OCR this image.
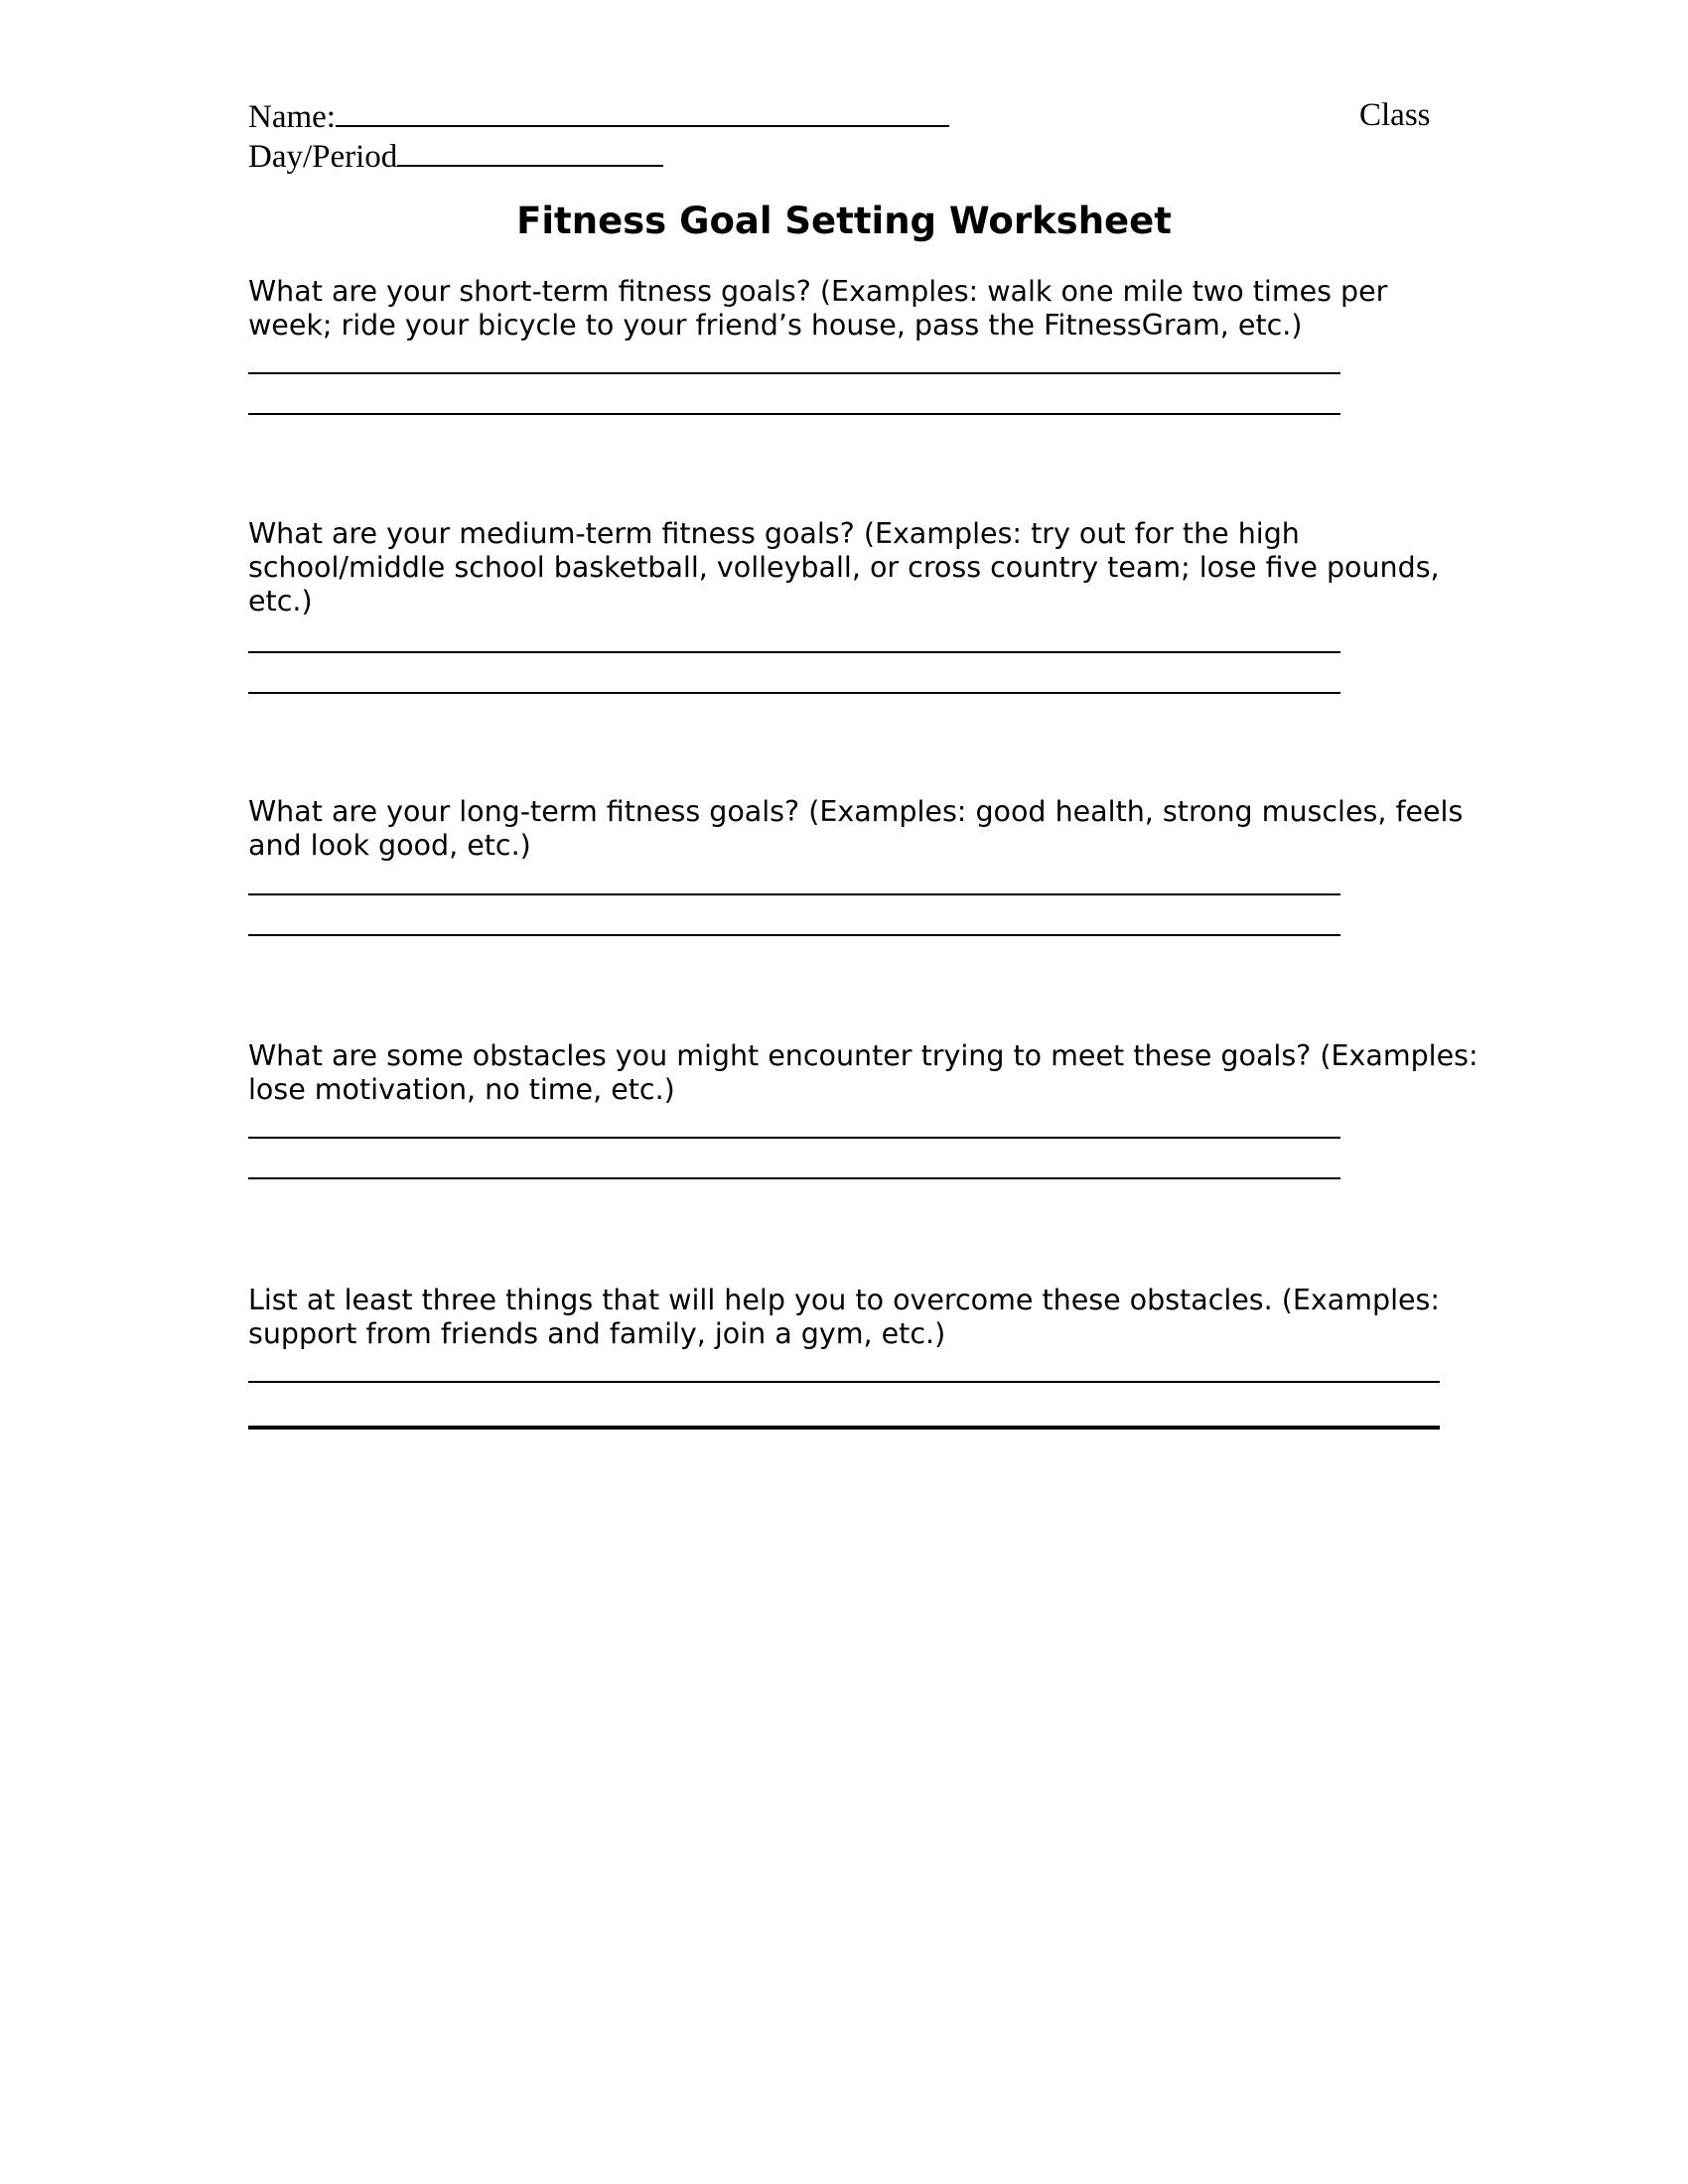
Name:	Class
Day/Period
Fitness Goal Setting Worksheet

What are your short-term fitness goals? (Examples: walk one mile two times per week; ride your bicycle to your friend’s house, pass the FitnessGram, etc.)

What are your medium-term fitness goals? (Examples: try out for the high school/middle school basketball, volleyball, or cross country team; lose five pounds, etc.)

What are your long-term fitness goals? (Examples: good health, strong muscles, feels and look good, etc.)

What are some obstacles you might encounter trying to meet these goals? (Examples: lose motivation, no time, etc.)

List at least three things that will help you to overcome these obstacles. (Examples: support from friends and family, join a gym, etc.)
